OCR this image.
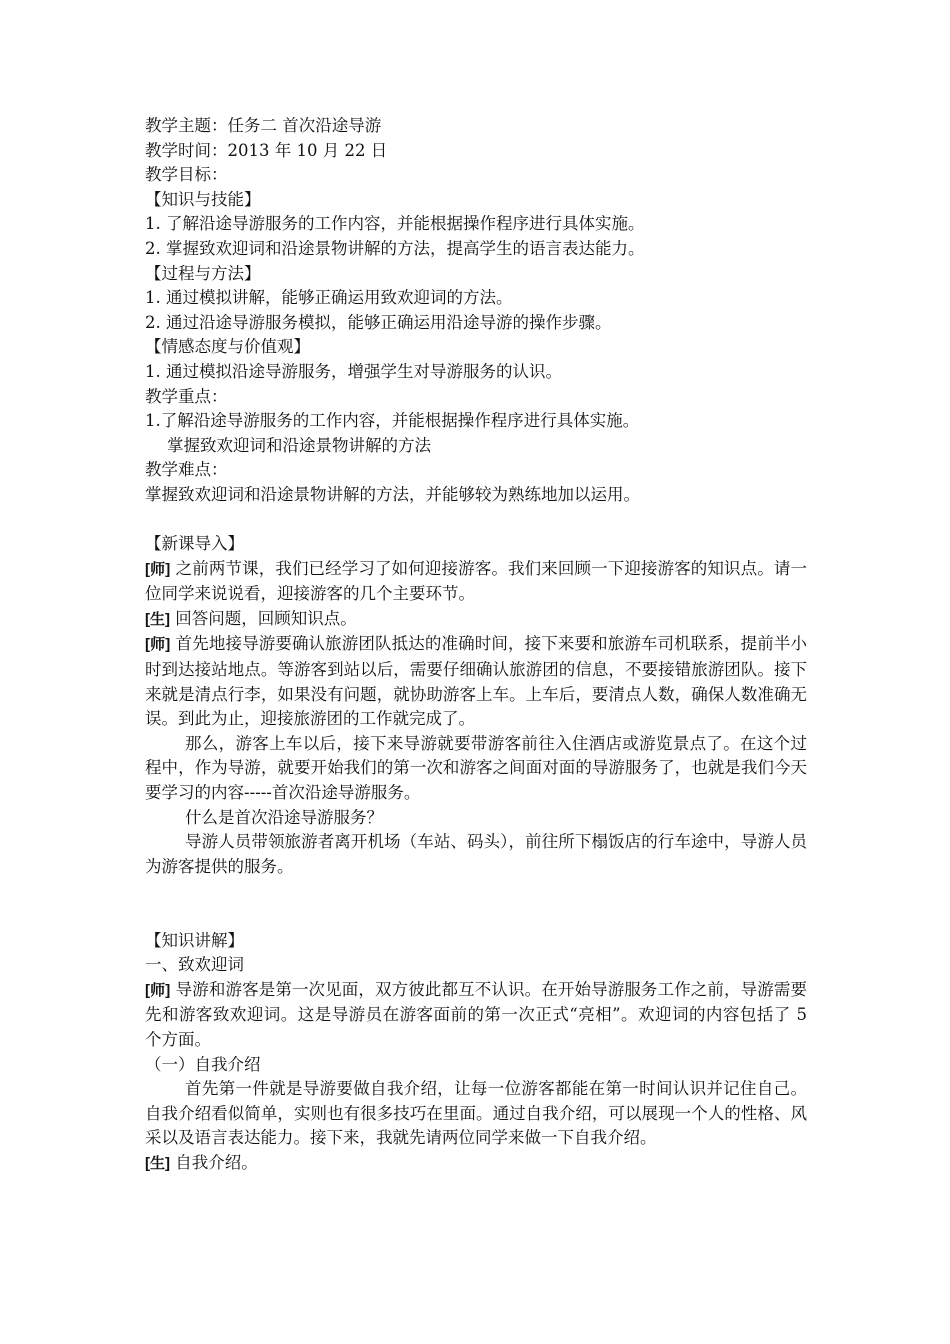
教学主题：任务二 首次沿途导游
教学时间：2013 年 10 月 22 日
教学目标：
【知识与技能】
1. 了解沿途导游服务的工作内容，并能根据操作程序进行具体实施。
2. 掌握致欢迎词和沿途景物讲解的方法，提高学生的语言表达能力。
【过程与方法】
1. 通过模拟讲解，能够正确运用致欢迎词的方法。
2. 通过沿途导游服务模拟，能够正确运用沿途导游的操作步骤。
【情感态度与价值观】
1. 通过模拟沿途导游服务，增强学生对导游服务的认识。
教学重点：
1.了解沿途导游服务的工作内容，并能根据操作程序进行具体实施。
掌握致欢迎词和沿途景物讲解的方法
教学难点：
掌握致欢迎词和沿途景物讲解的方法，并能够较为熟练地加以运用。
【新课导入】
[师] 之前两节课，我们已经学习了如何迎接游客。我们来回顾一下迎接游客的知识点。请一位同学来说说看，迎接游客的几个主要环节。
[生] 回答问题，回顾知识点。
[师] 首先地接导游要确认旅游团队抵达的准确时间，接下来要和旅游车司机联系，提前半小时到达接站地点。等游客到站以后，需要仔细确认旅游团的信息，不要接错旅游团队。接下来就是清点行李，如果没有问题，就协助游客上车。上车后，要清点人数，确保人数准确无误。到此为止，迎接旅游团的工作就完成了。
那么，游客上车以后，接下来导游就要带游客前往入住酒店或游览景点了。在这个过程中，作为导游，就要开始我们的第一次和游客之间面对面的导游服务了，也就是我们今天要学习的内容-----首次沿途导游服务。
什么是首次沿途导游服务？
导游人员带领旅游者离开机场（车站、码头），前往所下榻饭店的行车途中，导游人员为游客提供的服务。
【知识讲解】
一、致欢迎词
[师] 导游和游客是第一次见面，双方彼此都互不认识。在开始导游服务工作之前，导游需要先和游客致欢迎词。这是导游员在游客面前的第一次正式“亮相”。欢迎词的内容包括了 5 个方面。
（一）自我介绍
首先第一件就是导游要做自我介绍，让每一位游客都能在第一时间认识并记住自己。自我介绍看似简单，实则也有很多技巧在里面。通过自我介绍，可以展现一个人的性格、风采以及语言表达能力。接下来，我就先请两位同学来做一下自我介绍。
[生] 自我介绍。
